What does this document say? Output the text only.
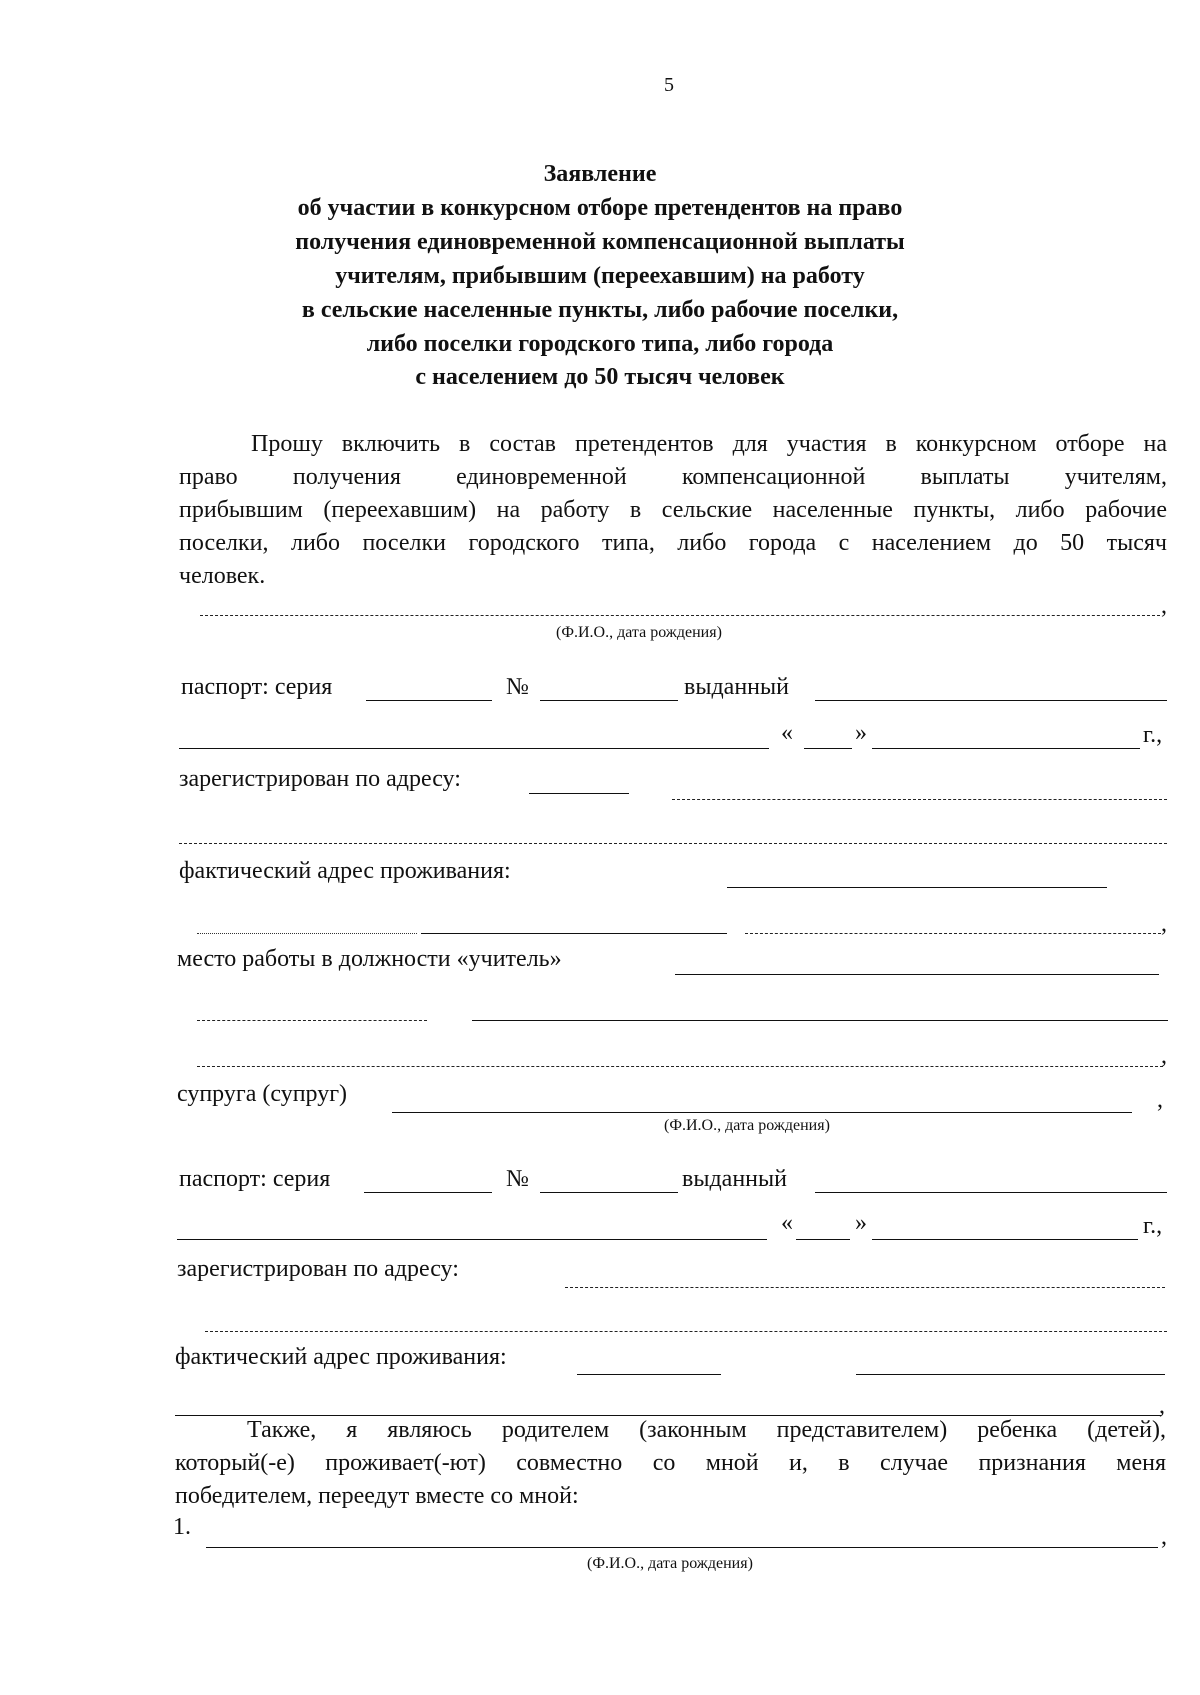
5
Заявление
об участии в конкурсном отборе претендентов на право
получения единовременной компенсационной выплаты
учителям, прибывшим (переехавшим) на работу
в сельские населенные пункты, либо рабочие поселки,
либо поселки городского типа, либо города
с населением до 50 тысяч человек
Прошу включить в состав претендентов для участия в конкурсном отборе на
право получения единовременной компенсационной выплаты учителям,
прибывшим (переехавшим) на работу в сельские населенные пункты, либо рабочие
поселки, либо поселки городского типа, либо города с населением до 50 тысяч
человек.
,
(Ф.И.О., дата рождения)
паспорт: серия	№	выданный
«	»	г.,
зарегистрирован по адресу:
фактический адрес проживания:
,
место работы в должности «учитель»
,
супруга (супруг)	,
(Ф.И.О., дата рождения)
паспорт: серия	№	выданный
«	»	г.,
зарегистрирован по адресу:
фактический адрес проживания:
,
Также, я являюсь родителем (законным представителем) ребенка (детей),
который(-е) проживает(-ют) совместно со мной и, в случае признания меня
победителем, переедут вместе со мной:
1.	,
(Ф.И.О., дата рождения)
